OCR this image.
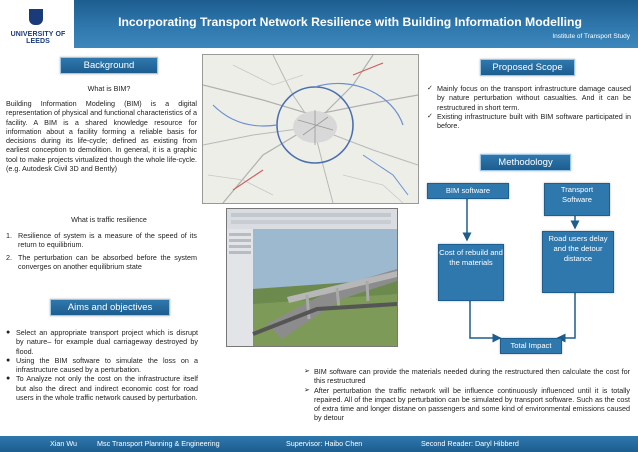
UNIVERSITY OF LEEDS
Incorporating Transport Network Resilience with Building Information Modelling
Institute of Transport Study
Background
What is BIM?
Building Information Modeling (BIM) is a digital representation of physical and functional characteristics of a facility. A BIM is a shared knowledge resource for information about a facility forming a reliable basis for decisions during its life-cycle; defined as existing from earliest conception to demolition. In general, it is a graphic tool to make projects virtualized though the whole life-cycle. (e.g. Autodesk Civil 3D and Bently)
What is traffic resilience
1. Resilience of system is a measure of the speed of its return to equilibrium.
2. The perturbation can be absorbed before the system converges on another equilibrium state
Aims and objectives
● Select an appropriate transport project which is disrupt by nature– for example dual carriageway destroyed by flood.
● Using the BIM software to simulate the loss on a infrastructure caused by a perturbation.
● To Analyze not only the cost on the infrastructure itself but also the direct and indirect economic cost for road users in the whole traffic network caused by perturbation.
Proposed Scope
✓ Mainly focus on the transport infrastructure damage caused by nature perturbation without casualties. And it can be restructured in short term.
✓ Existing infrastructure built with BIM software participated in before.
Methodology
BIM software	Transport Software
Cost of rebuild and the materials
Road users delay and the detour distance
Total Impact
➢ BIM software can provide the materials needed during the restructured then calculate the cost for this restructured
➢ After perturbation the traffic network will be influence continuously influenced until it is totally repaired. All of the impact by perturbation can be simulated by transport software. Such as the cost of extra time and longer distane on passengers and some kind of environmental emissions caused by detour
Xian Wu	Msc Transport Planning & Engineering	Supervisor: Haibo Chen	Second Reader: Daryl Hibberd
